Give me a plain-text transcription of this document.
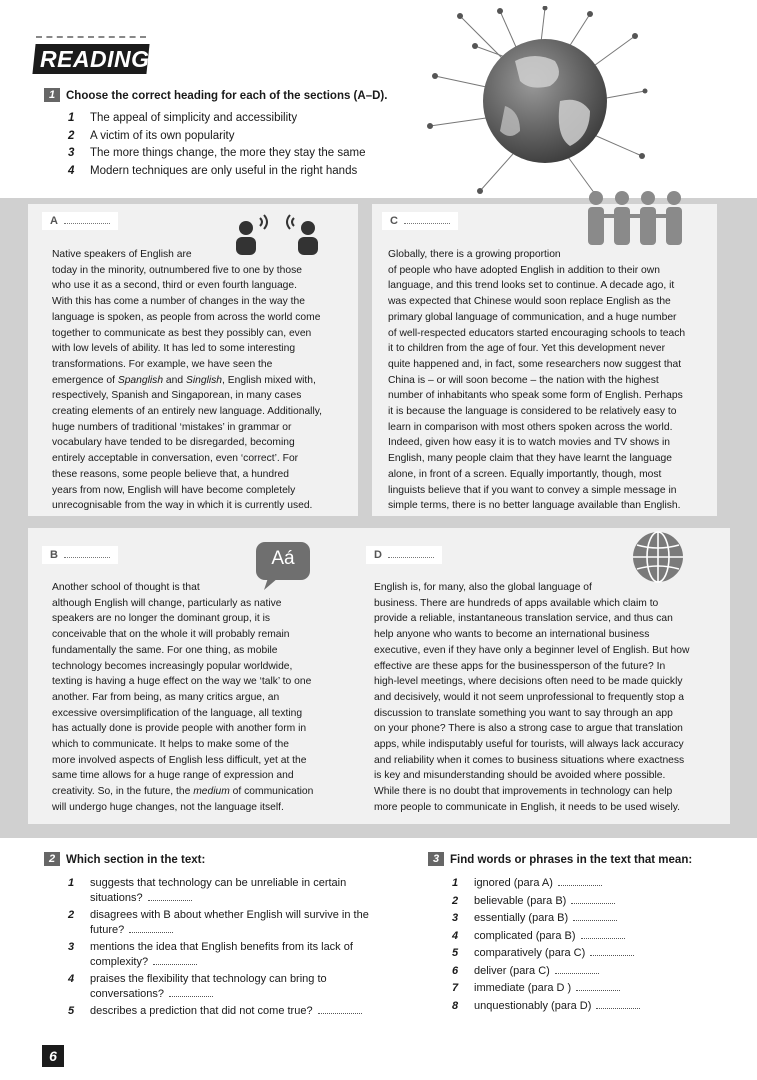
READING
1 Choose the correct heading for each of the sections (A–D).
1	The appeal of simplicity and accessibility
2	A victim of its own popularity
3	The more things change, the more they stay the same
4	Modern techniques are only useful in the right hands
A
Native speakers of English are
today in the minority, outnumbered five to one by those
who use it as a second, third or even fourth language.
With this has come a number of changes in the way the
language is spoken, as people from across the world come
together to communicate as best they possibly can, even
with low levels of ability. It has led to some interesting
transformations. For example, we have seen the
emergence of Spanglish and Singlish, English mixed with,
respectively, Spanish and Singaporean, in many cases
creating elements of an entirely new language. Additionally,
huge numbers of traditional ‘mistakes’ in grammar or
vocabulary have tended to be disregarded, becoming
entirely acceptable in conversation, even ‘correct’. For
these reasons, some people believe that, a hundred
years from now, English will have become completely
unrecognisable from the way in which it is currently used.
C
Globally, there is a growing proportion
of people who have adopted English in addition to their own
language, and this trend looks set to continue. A decade ago, it
was expected that Chinese would soon replace English as the
primary global language of communication, and a huge number
of well-respected educators started encouraging schools to teach
it to children from the age of four. Yet this development never
quite happened and, in fact, some researchers now suggest that
China is – or will soon become – the nation with the highest
number of inhabitants who speak some form of English. Perhaps
it is because the language is considered to be relatively easy to
learn in comparison with most others spoken across the world.
Indeed, given how easy it is to watch movies and TV shows in
English, many people claim that they have learnt the language
alone, in front of a screen. Equally importantly, though, most
linguists believe that if you want to convey a simple message in
simple terms, there is no better language available than English.
B	Aá
Another school of thought is that
although English will change, particularly as native
speakers are no longer the dominant group, it is
conceivable that on the whole it will probably remain
fundamentally the same. For one thing, as mobile
technology becomes increasingly popular worldwide,
texting is having a huge effect on the way we ‘talk’ to one
another. Far from being, as many critics argue, an
excessive oversimplification of the language, all texting
has actually done is provide people with another form in
which to communicate. It helps to make some of the
more involved aspects of English less difficult, yet at the
same time allows for a huge range of expression and
creativity. So, in the future, the medium of communication
will undergo huge changes, not the language itself.
D
English is, for many, also the global language of
business. There are hundreds of apps available which claim to
provide a reliable, instantaneous translation service, and thus can
help anyone who wants to become an international business
executive, even if they have only a beginner level of English. But how
effective are these apps for the businessperson of the future? In
high-level meetings, where decisions often need to be made quickly
and decisively, would it not seem unprofessional to frequently stop a
discussion to translate something you want to say through an app
on your phone? There is also a strong case to argue that translation
apps, while indisputably useful for tourists, will always lack accuracy
and reliability when it comes to business situations where exactness
is key and misunderstanding should be avoided where possible.
While there is no doubt that improvements in technology can help
more people to communicate in English, it needs to be used wisely.
2 Which section in the text:
1	suggests that technology can be unreliable in certain situations?
2	disagrees with B about whether English will survive in the future?
3	mentions the idea that English benefits from its lack of complexity?
4	praises the flexibility that technology can bring to conversations?
5	describes a prediction that did not come true?
3 Find words or phrases in the text that mean:
1	ignored (para A)
2	believable (para B)
3	essentially (para B)
4	complicated (para B)
5	comparatively (para C)
6	deliver (para C)
7	immediate (para D )
8	unquestionably (para D)
6
